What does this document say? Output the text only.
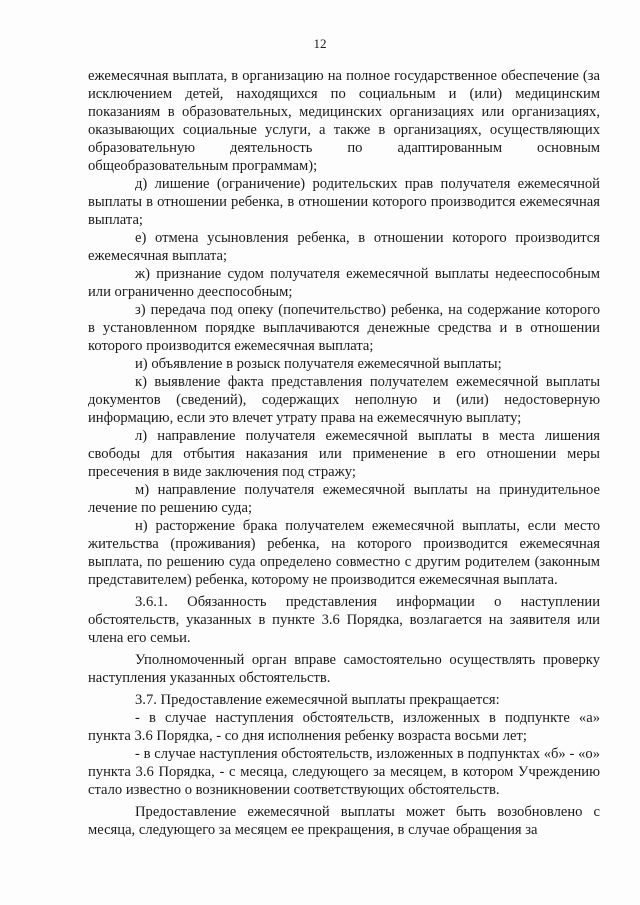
12

ежемесячная выплата, в организацию на полное государственное обеспечение (за исключением детей, находящихся по социальным и (или) медицинским показаниям в образовательных, медицинских организациях или организациях, оказывающих социальные услуги, а также в организациях, осуществляющих образовательную деятельность по адаптированным основным общеобразовательным программам);

д) лишение (ограничение) родительских прав получателя ежемесячной выплаты в отношении ребенка, в отношении которого производится ежемесячная выплата;

е) отмена усыновления ребенка, в отношении которого производится ежемесячная выплата;

ж) признание судом получателя ежемесячной выплаты недееспособным или ограниченно дееспособным;

з) передача под опеку (попечительство) ребенка, на содержание которого в установленном порядке выплачиваются денежные средства и в отношении которого производится ежемесячная выплата;

и) объявление в розыск получателя ежемесячной выплаты;

к) выявление факта представления получателем ежемесячной выплаты документов (сведений), содержащих неполную и (или) недостоверную информацию, если это влечет утрату права на ежемесячную выплату;

л) направление получателя ежемесячной выплаты в места лишения свободы для отбытия наказания или применение в его отношении меры пресечения в виде заключения под стражу;

м) направление получателя ежемесячной выплаты на принудительное лечение по решению суда;

н) расторжение брака получателем ежемесячной выплаты, если место жительства (проживания) ребенка, на которого производится ежемесячная выплата, по решению суда определено совместно с другим родителем (законным представителем) ребенка, которому не производится ежемесячная выплата.

3.6.1. Обязанность представления информации о наступлении обстоятельств, указанных в пункте 3.6 Порядка, возлагается на заявителя или члена его семьи.

Уполномоченный орган вправе самостоятельно осуществлять проверку наступления указанных обстоятельств.

3.7. Предоставление ежемесячной выплаты прекращается:

- в случае наступления обстоятельств, изложенных в подпункте «а» пункта 3.6 Порядка, - со дня исполнения ребенку возраста восьми лет;

- в случае наступления обстоятельств, изложенных в подпунктах «б» - «о» пункта 3.6 Порядка, - с месяца, следующего за месяцем, в котором Учреждению стало известно о возникновении соответствующих обстоятельств.

Предоставление ежемесячной выплаты может быть возобновлено с месяца, следующего за месяцем ее прекращения, в случае обращения за
